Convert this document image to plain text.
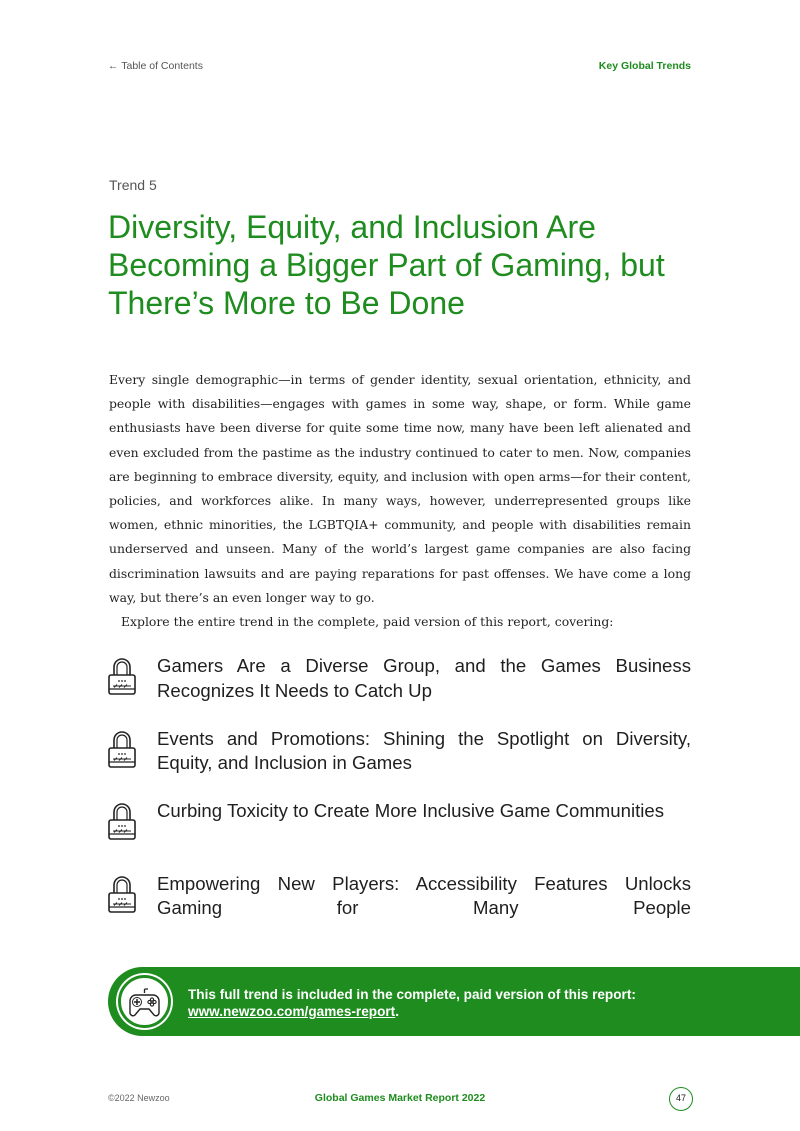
← Table of Contents	Key Global Trends
Trend 5
Diversity, Equity, and Inclusion Are Becoming a Bigger Part of Gaming, but There’s More to Be Done

Every single demographic—in terms of gender identity, sexual orientation, ethnicity, and people with disabilities—engages with games in some way, shape, or form. While game enthusiasts have been diverse for quite some time now, many have been left alienated and even excluded from the pastime as the industry continued to cater to men. Now, companies are beginning to embrace diversity, equity, and inclusion with open arms—for their content, policies, and workforces alike. In many ways, however, underrepresented groups like women, ethnic minorities, the LGBTQIA+ community, and people with disabilities remain underserved and unseen. Many of the world’s largest game companies are also facing discrimination lawsuits and are paying reparations for past offenses. We have come a long way, but there’s an even longer way to go.

Explore the entire trend in the complete, paid version of this report, covering:

Gamers Are a Diverse Group, and the Games Business Recognizes It Needs to Catch Up
Events and Promotions: Shining the Spotlight on Diversity, Equity, and Inclusion in Games
Curbing Toxicity to Create More Inclusive Game Communities
Empowering New Players: Accessibility Features Unlocks Gaming for Many People
This full trend is included in the complete, paid version of this report:
www.newzoo.com/games-report.
©2022 Newzoo	Global Games Market Report 2022	47
